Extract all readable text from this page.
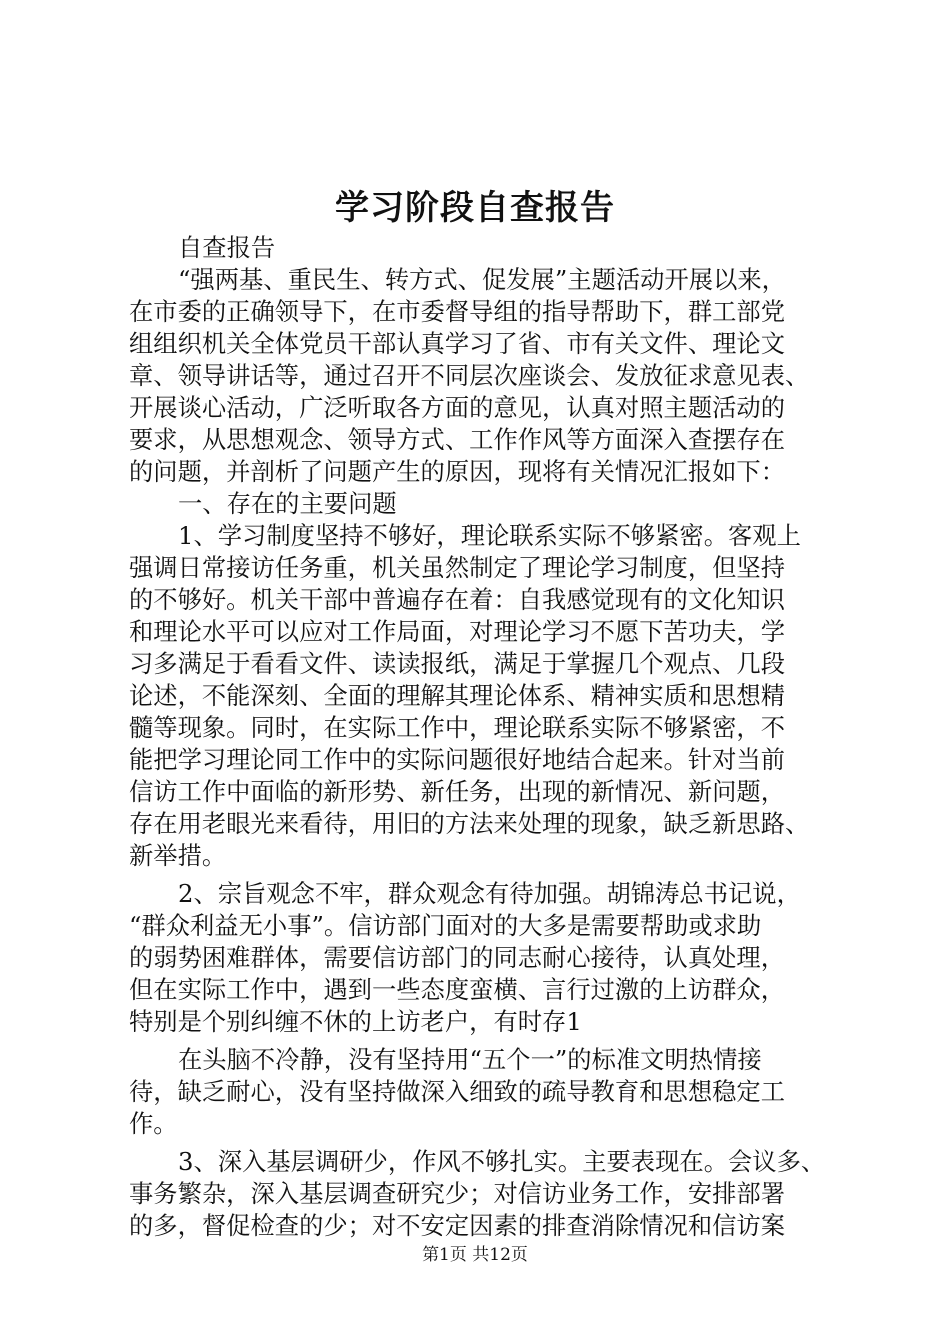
学习阶段自查报告
自查报告
“强两基、重民生、转方式、促发展”主题活动开展以来，
在市委的正确领导下，在市委督导组的指导帮助下，群工部党
组组织机关全体党员干部认真学习了省、市有关文件、理论文
章、领导讲话等，通过召开不同层次座谈会、发放征求意见表、
开展谈心活动，广泛听取各方面的意见，认真对照主题活动的
要求，从思想观念、领导方式、工作作风等方面深入查摆存在
的问题，并剖析了问题产生的原因，现将有关情况汇报如下：
一、存在的主要问题
1、学习制度坚持不够好，理论联系实际不够紧密。客观上
强调日常接访任务重，机关虽然制定了理论学习制度，但坚持
的不够好。机关干部中普遍存在着：自我感觉现有的文化知识
和理论水平可以应对工作局面，对理论学习不愿下苦功夫，学
习多满足于看看文件、读读报纸，满足于掌握几个观点、几段
论述，不能深刻、全面的理解其理论体系、精神实质和思想精
髓等现象。同时，在实际工作中，理论联系实际不够紧密，不
能把学习理论同工作中的实际问题很好地结合起来。针对当前
信访工作中面临的新形势、新任务，出现的新情况、新问题，
存在用老眼光来看待，用旧的方法来处理的现象，缺乏新思路、
新举措。
2、宗旨观念不牢，群众观念有待加强。胡锦涛总书记说，
“群众利益无小事”。信访部门面对的大多是需要帮助或求助
的弱势困难群体，需要信访部门的同志耐心接待，认真处理，
但在实际工作中，遇到一些态度蛮横、言行过激的上访群众，
特别是个别纠缠不休的上访老户，有时存1
在头脑不冷静，没有坚持用“五个一”的标准文明热情接
待，缺乏耐心，没有坚持做深入细致的疏导教育和思想稳定工
作。
3、深入基层调研少，作风不够扎实。主要表现在。会议多、
事务繁杂，深入基层调查研究少；对信访业务工作，安排部署
的多，督促检查的少；对不安定因素的排查消除情况和信访案
第1页 共12页
